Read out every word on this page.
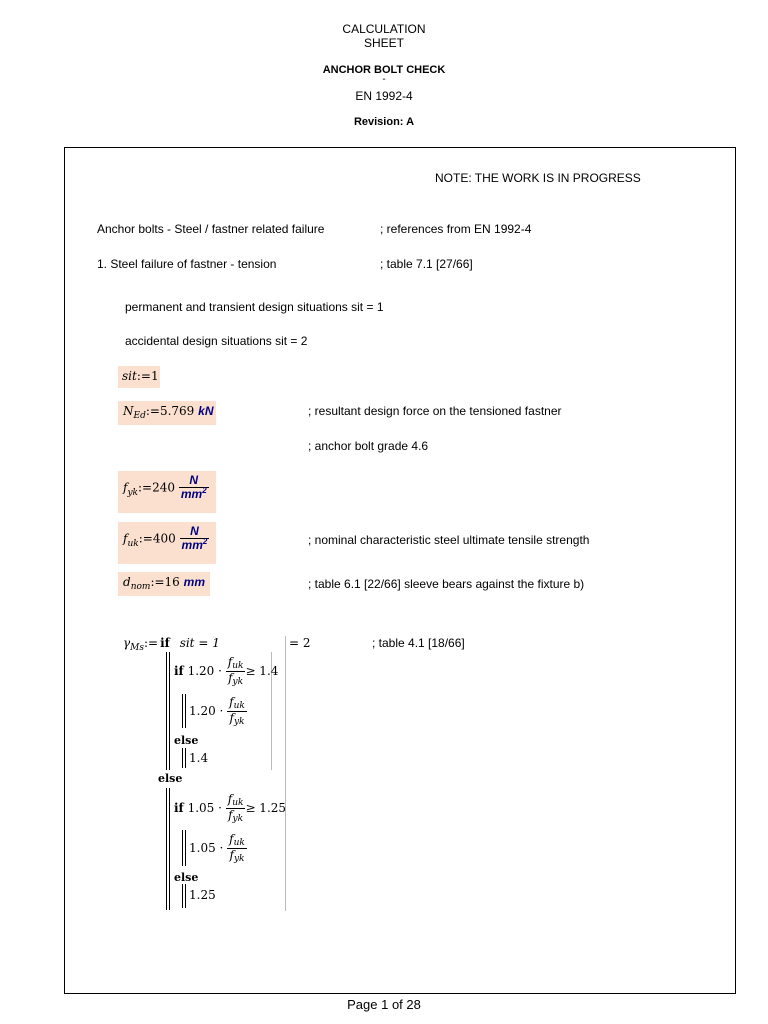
CALCULATION
SHEET
ANCHOR BOLT CHECK
-
EN 1992-4
Revision: A
NOTE: THE WORK IS IN PROGRESS
Anchor bolts - Steel / fastner related failure	; references from EN 1992-4
1. Steel failure of fastner - tension	; table 7.1 [27/66]
permanent and transient design situations sit = 1
accidental design situations sit = 2
sit:=1
$N_{Ed}:=5.769$ kN	; resultant design force on the tensioned fastner
; anchor bolt grade 4.6
$f_{yk}:=240 \frac{N}{mm^2}$
$f_{uk}:=400 \frac{N}{mm^2}$	; nominal characteristic steel ultimate tensile strength
$d_{nom}:=16$ mm	; table 6.1 [22/66] sleeve bears against the fixture b)
$\gamma_{Ms}:=$ if sit = 1	= 2	; table 4.1 [18/66]
if $1.20 \cdot \frac{\text{fuk}}{\text{fyk}} \ge 1.4$
$1.20 \cdot \frac{\text{fuk}}{\text{fyk}}$
else
1.4
else
if $1.05 \cdot \frac{\text{fuk}}{\text{fyk}} \ge 1.25$
$1.05 \cdot \frac{\text{fuk}}{\text{fyk}}$
else
1.25
Page 1 of 28
